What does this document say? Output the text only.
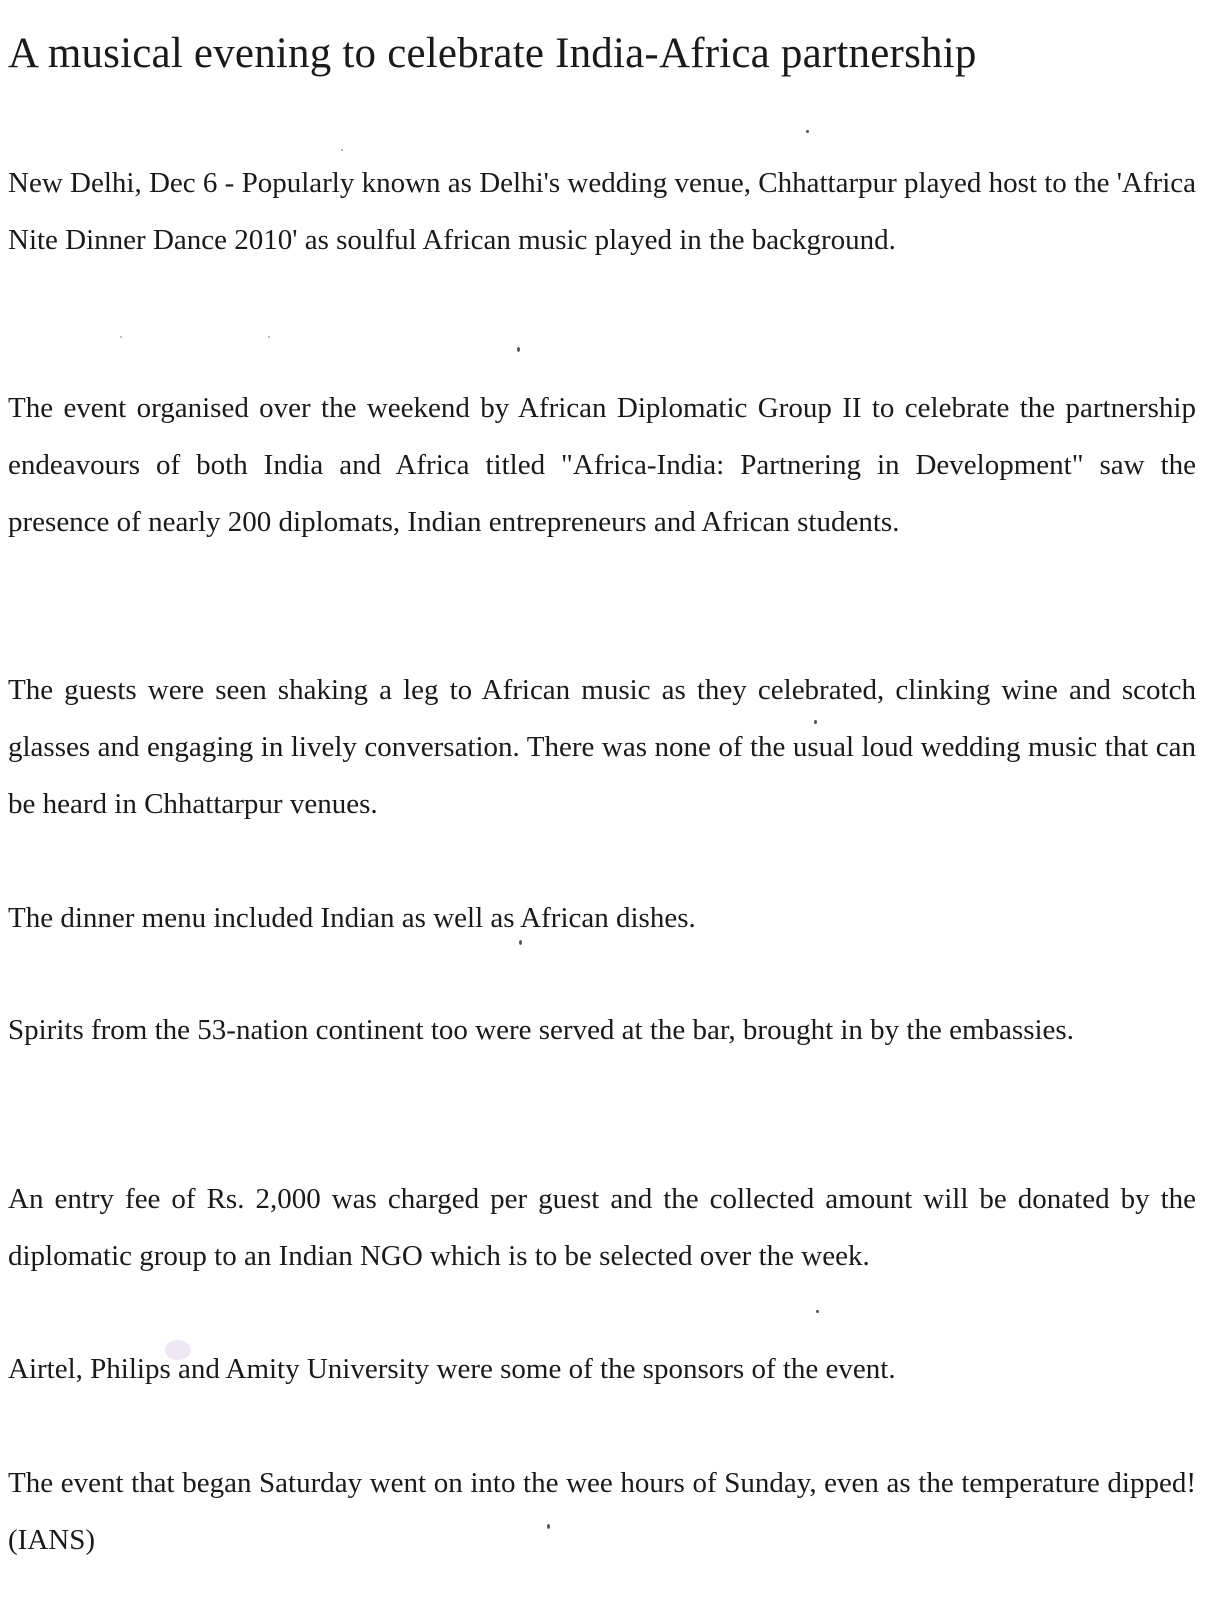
A musical evening to celebrate India-Africa partnership

New Delhi, Dec 6 - Popularly known as Delhi's wedding venue, Chhattarpur played host to the 'Africa Nite Dinner Dance 2010' as soulful African music played in the background.

The event organised over the weekend by African Diplomatic Group II to celebrate the partnership endeavours of both India and Africa titled "Africa-India: Partnering in Development" saw the presence of nearly 200 diplomats, Indian entrepreneurs and African students.

The guests were seen shaking a leg to African music as they celebrated, clinking wine and scotch glasses and engaging in lively conversation. There was none of the usual loud wedding music that can be heard in Chhattarpur venues.

The dinner menu included Indian as well as African dishes.

Spirits from the 53-nation continent too were served at the bar, brought in by the embassies.

An entry fee of Rs. 2,000 was charged per guest and the collected amount will be donated by the diplomatic group to an Indian NGO which is to be selected over the week.

Airtel, Philips and Amity University were some of the sponsors of the event.

The event that began Saturday went on into the wee hours of Sunday, even as the temperature dipped! (IANS)
